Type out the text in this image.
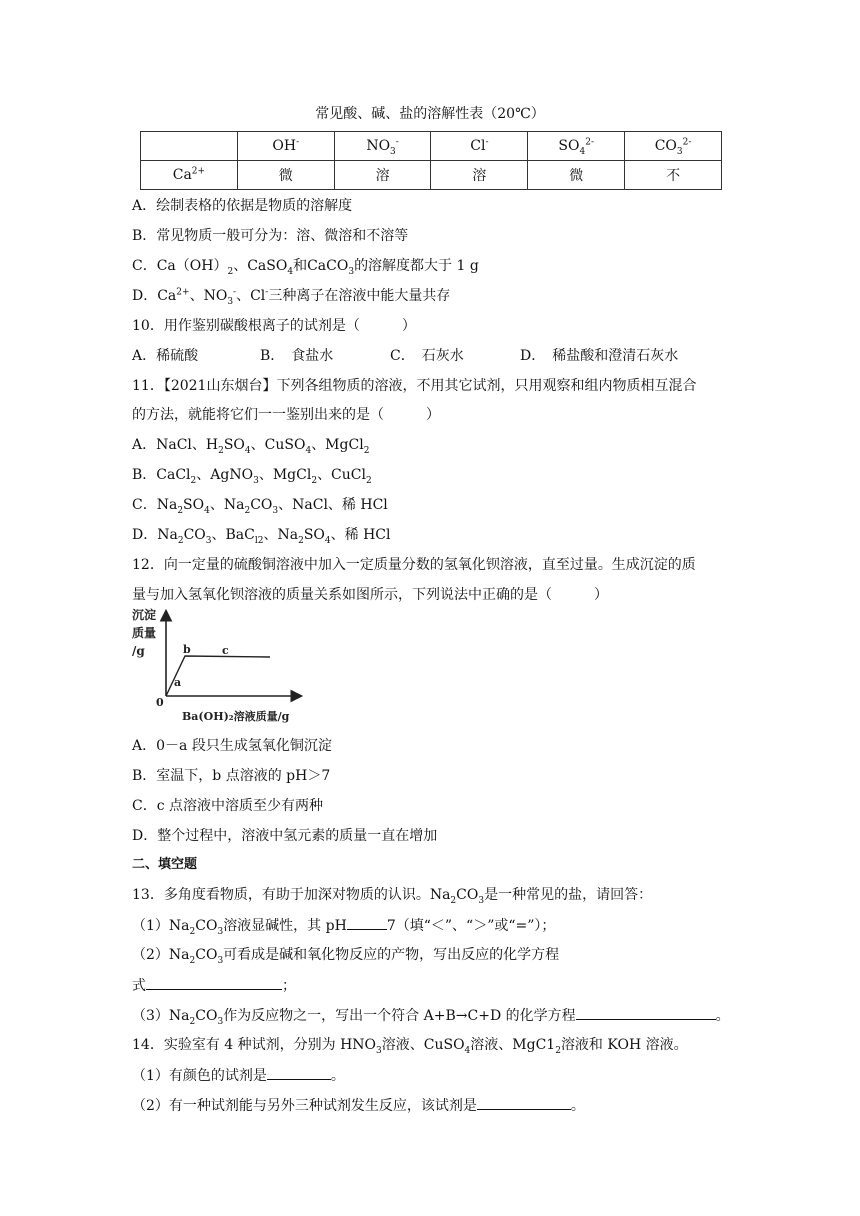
常见酸、碱、盐的溶解性表（20℃）
	OH-	$NO_3^-$	Cl-	$SO_4^{2-}$	$CO_3^{2-}$
$Ca^{2+}$	微	溶	溶	微	不
A．绘制表格的依据是物质的溶解度
B．常见物质一般可分为：溶、微溶和不溶等
C．$Ca(OH)_2$、CaSO$_4$和CaCO$_3$的溶解度都大于 1 g
D．$Ca^{2+}$、$NO_3^-$、Cl-三种离子在溶液中能大量共存
10．用作鉴别碳酸根离子的试剂是（　　　）
A．稀硫酸	B．　食盐水	C．　石灰水	D．　稀盐酸和澄清石灰水
11．【2021山东烟台】下列各组物质的溶液，不用其它试剂，只用观察和组内物质相互混合
的方法，就能将它们一一鉴别出来的是（　　　）
A．NaCl、$H_2SO_4$、CuSO$_4$、MgCl$_2$
B．CaCl$_2$、AgNO$_3$、MgCl$_2$、CuCl$_2$
C．$Na_2SO_4$、$Na_2CO_3$、NaCl、稀 HCl
D．$Na_2CO_3$、BaC$_{l2}$、$Na_2SO_4$、稀 HCl
12．向一定量的硫酸铜溶液中加入一定质量分数的氢氧化钡溶液，直至过量。生成沉淀的质
量与加入氢氧化钡溶液的质量关系如图所示，下列说法中正确的是（　　　）
沉淀
质量
/g
0
a
b	c
Ba(OH)₂溶液质量/g
A．0－a 段只生成氢氧化铜沉淀
B．室温下，b 点溶液的 pH＞7
C．c 点溶液中溶质至少有两种
D．整个过程中，溶液中氢元素的质量一直在增加
二、填空题
13．多角度看物质，有助于加深对物质的认识。$Na_2CO_3$是一种常见的盐，请回答：
$(1)Na_2CO_3$溶液显碱性，其 pH	7（填“＜”、“＞”或“=”）；
$(2)Na_2CO_3$可看成是碱和氧化物反应的产物，写出反应的化学方程
式	；
$(3)Na_2CO_3$作为反应物之一，写出一个符合 A+B→C+D 的化学方程	。
14．实验室有 4 种试剂，分别为 $HNO_3$溶液、CuSO$_4$溶液、$MgC1_2$溶液和 KOH 溶液。
（1）有颜色的试剂是	。
（2）有一种试剂能与另外三种试剂发生反应，该试剂是	。
